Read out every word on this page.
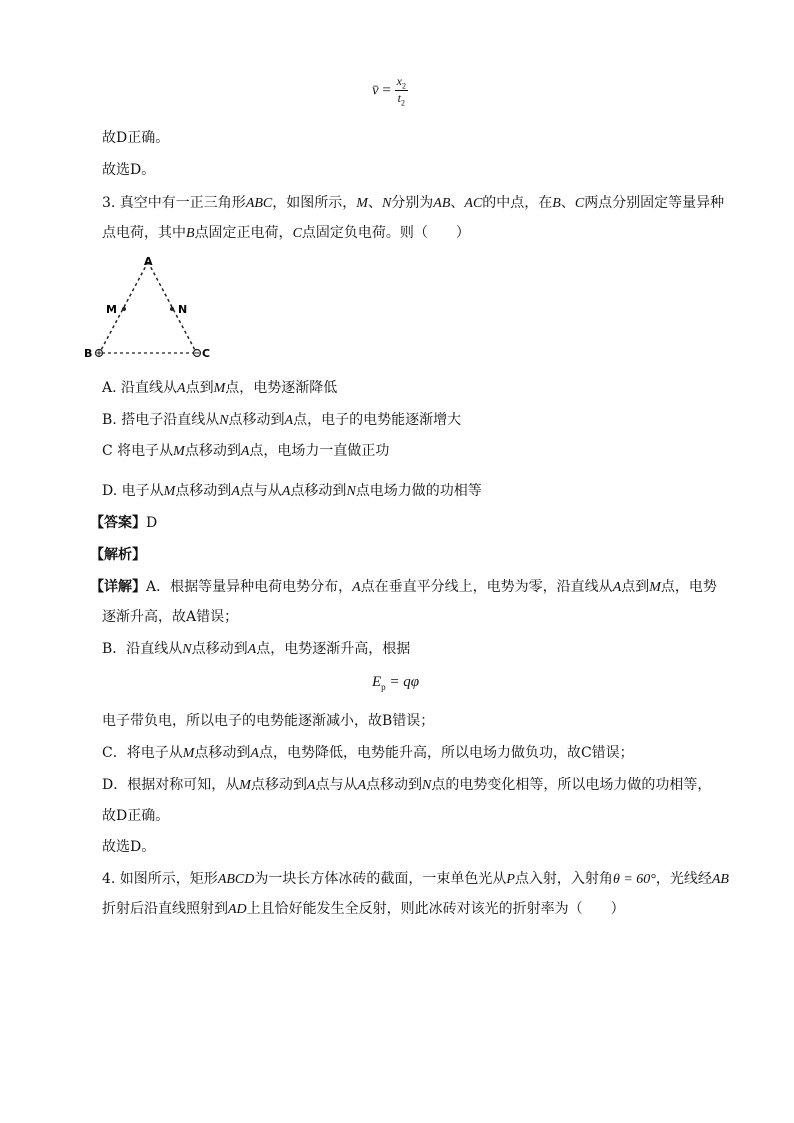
v̄ = $\frac{x_2}{t_2}$
故D正确。
故选D。
3. 真空中有一正三角形ABC，如图所示，M、N分别为AB、AC的中点，在B、C两点分别固定等量异种
点电荷，其中B点固定正电荷，C点固定负电荷。则（　　）
A
M	N
B	C
A. 沿直线从A点到M点，电势逐渐降低
B. 搭电子沿直线从N点移动到A点，电子的电势能逐渐增大
C 将电子从M点移动到A点，电场力一直做正功
D. 电子从M点移动到A点与从A点移动到N点电场力做的功相等
【答案】D
【解析】
【详解】A．根据等量异种电荷电势分布，A点在垂直平分线上，电势为零，沿直线从A点到M点，电势
逐渐升高，故A错误；
B．沿直线从N点移动到A点，电势逐渐升高，根据
$E_p = q\varphi$
电子带负电，所以电子的电势能逐渐减小，故B错误；
C．将电子从M点移动到A点，电势降低，电势能升高，所以电场力做负功，故C错误；
D．根据对称可知，从M点移动到A点与从A点移动到N点的电势变化相等，所以电场力做的功相等，
故D正确。
故选D。
4. 如图所示，矩形ABCD为一块长方体冰砖的截面，一束单色光从P点入射，入射角θ = 60°，光线经AB
折射后沿直线照射到AD上且恰好能发生全反射，则此冰砖对该光的折射率为（　　）
